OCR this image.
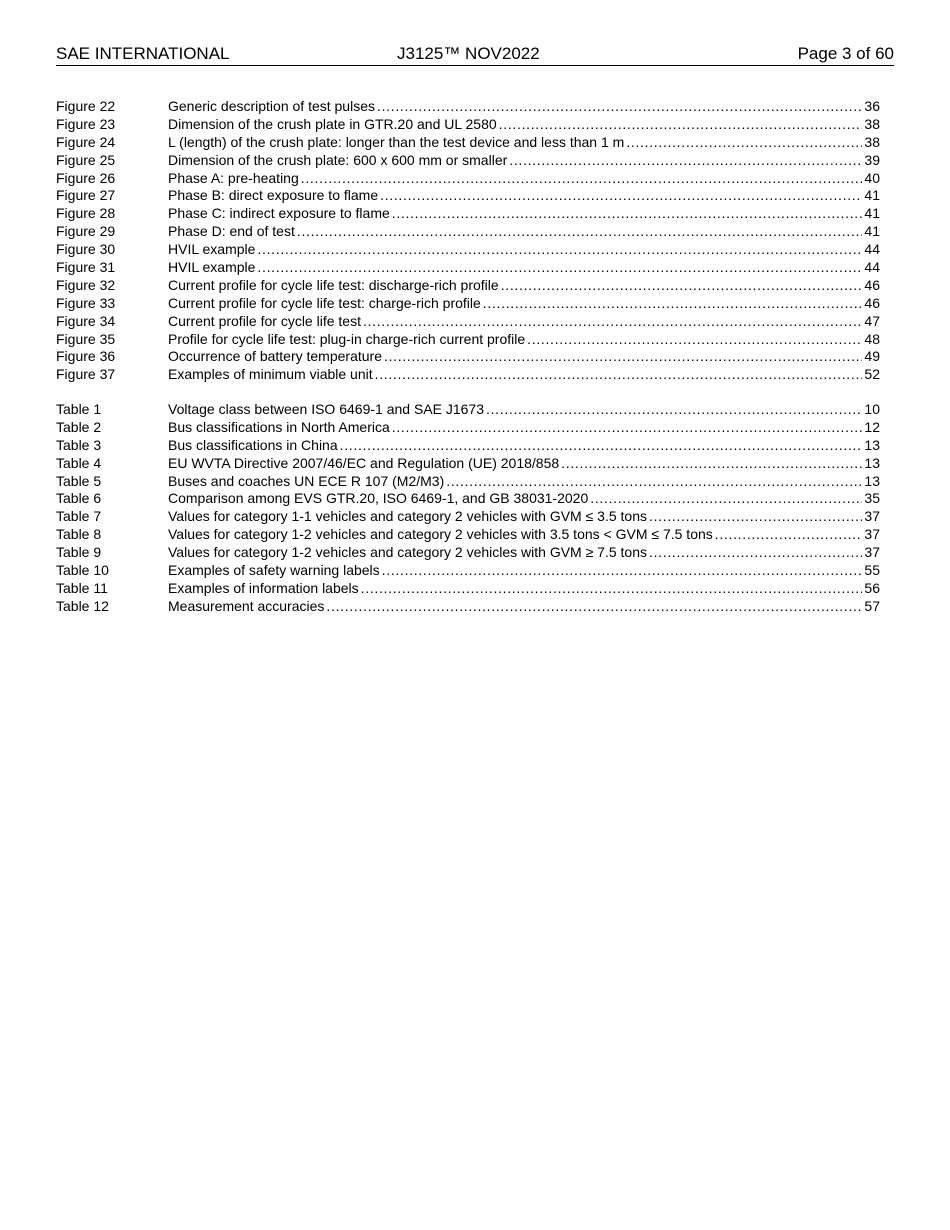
SAE INTERNATIONAL	J3125™ NOV2022	Page 3 of 60
Figure 22	Generic description of test pulses . . .	36
Figure 23	Dimension of the crush plate in GTR.20 and UL 2580 . . .	38
Figure 24	L (length) of the crush plate: longer than the test device and less than 1 m . . .	38
Figure 25	Dimension of the crush plate: 600 x 600 mm or smaller . . .	39
Figure 26	Phase A: pre-heating . . .	40
Figure 27	Phase B: direct exposure to flame . . .	41
Figure 28	Phase C: indirect exposure to flame . . .	41
Figure 29	Phase D: end of test . . .	41
Figure 30	HVIL example . . .	44
Figure 31	HVIL example . . .	44
Figure 32	Current profile for cycle life test: discharge-rich profile . . .	46
Figure 33	Current profile for cycle life test: charge-rich profile . . .	46
Figure 34	Current profile for cycle life test . . .	47
Figure 35	Profile for cycle life test: plug-in charge-rich current profile . . .	48
Figure 36	Occurrence of battery temperature . . .	49
Figure 37	Examples of minimum viable unit . . .	52
Table 1	Voltage class between ISO 6469-1 and SAE J1673 . . .	10
Table 2	Bus classifications in North America . . .	12
Table 3	Bus classifications in China . . .	13
Table 4	EU WVTA Directive 2007/46/EC and Regulation (UE) 2018/858 . . .	13
Table 5	Buses and coaches UN ECE R 107 (M2/M3) . . .	13
Table 6	Comparison among EVS GTR.20, ISO 6469-1, and GB 38031-2020 . . .	35
Table 7	Values for category 1-1 vehicles and category 2 vehicles with GVM ≤ 3.5 tons . . .	37
Table 8	Values for category 1-2 vehicles and category 2 vehicles with 3.5 tons < GVM ≤ 7.5 tons . . .	37
Table 9	Values for category 1-2 vehicles and category 2 vehicles with GVM ≥ 7.5 tons . . .	37
Table 10	Examples of safety warning labels . . .	55
Table 11	Examples of information labels . . .	56
Table 12	Measurement accuracies . . .	57
